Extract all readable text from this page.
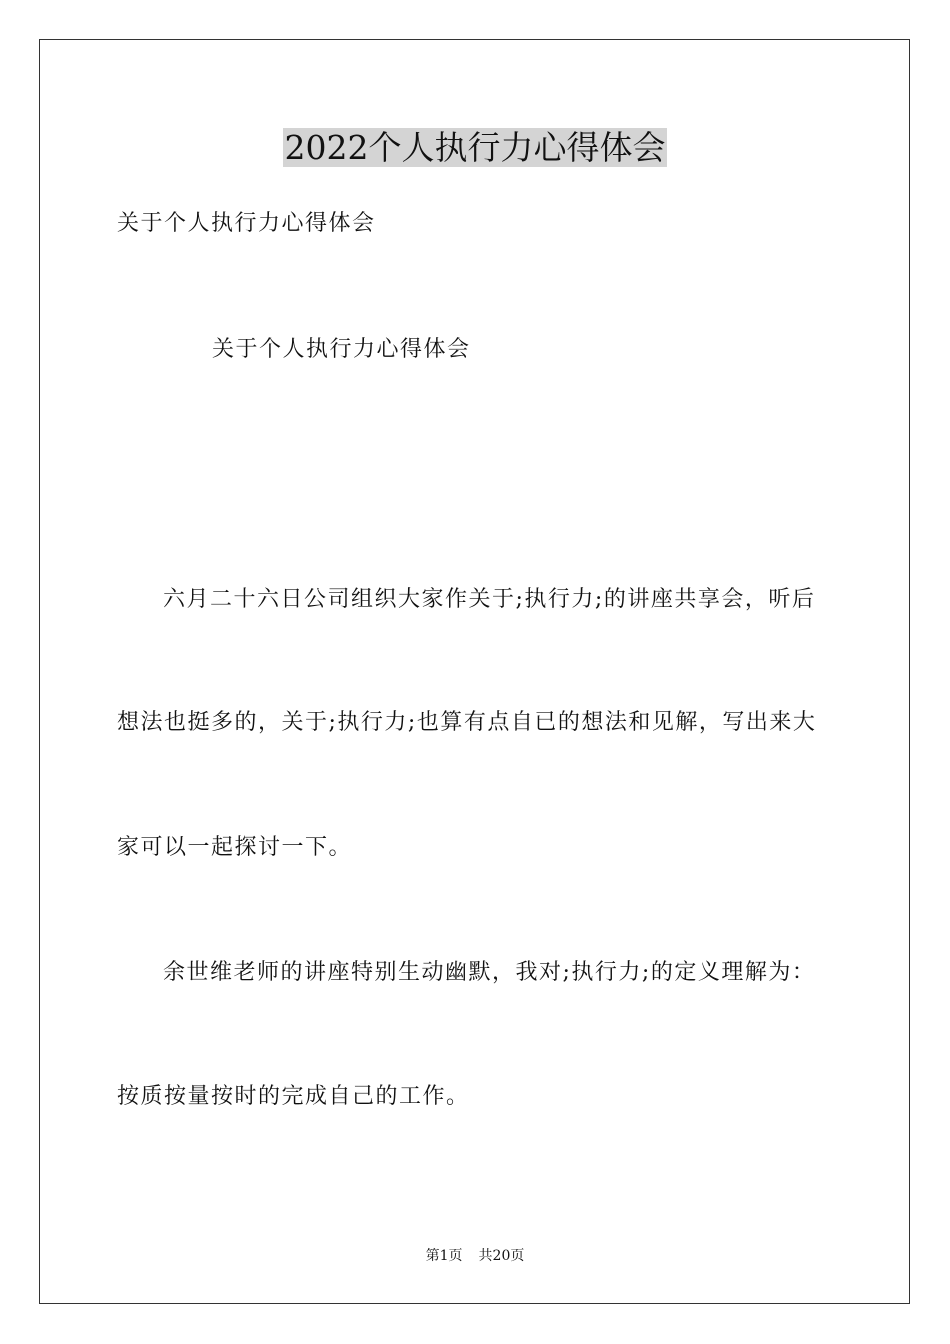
2022个人执行力心得体会
关于个人执行力心得体会
关于个人执行力心得体会
六月二十六日公司组织大家作关于;执行力;的讲座共享会，听后
想法也挺多的，关于;执行力;也算有点自已的想法和见解，写出来大
家可以一起探讨一下。
余世维老师的讲座特别生动幽默，我对;执行力;的定义理解为：
按质按量按时的完成自己的工作。
第1页 共20页
